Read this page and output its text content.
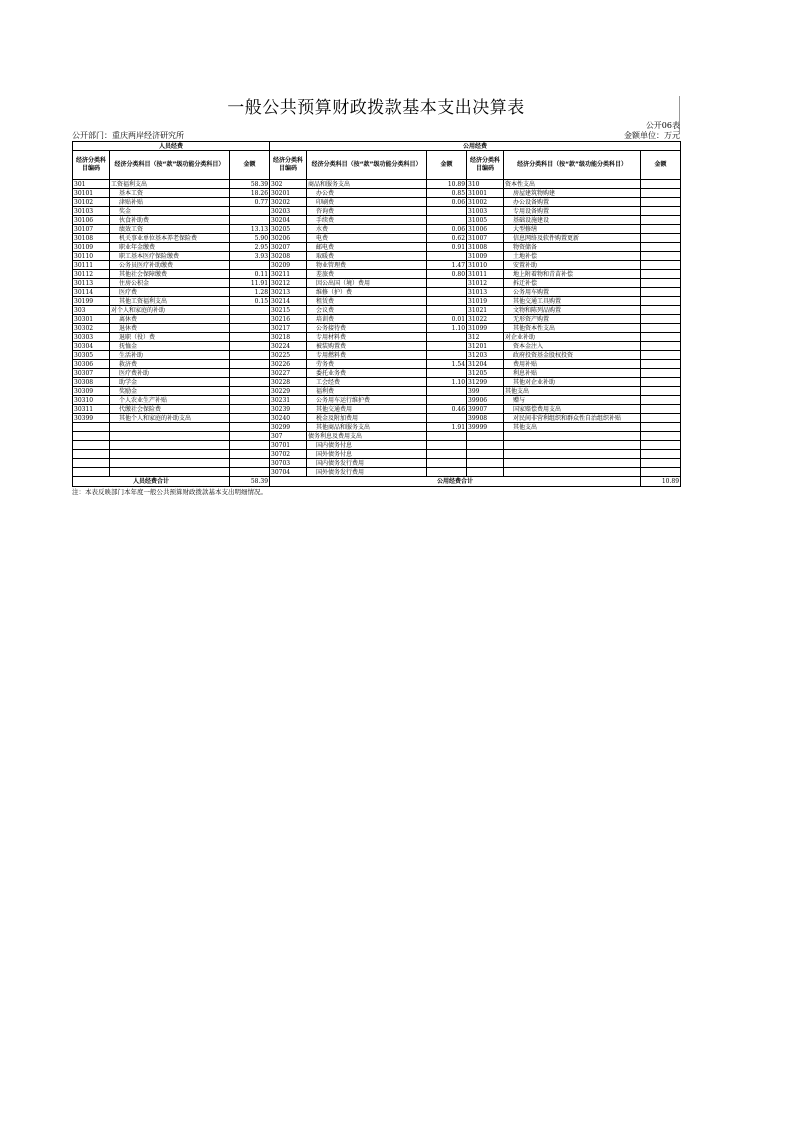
一般公共预算财政拨款基本支出决算表
公开06表
公开部门：重庆两岸经济研究所	金额单位：万元
人员经费			公用经费					
经济分类科目编码	经济分类科目（按“款”级功能分类科目）	金额	经济分类科目编码	经济分类科目（按“款”级功能分类科目）	金额	经济分类科目编码	经济分类科目（按“款”级功能分类科目）	金额
301	工资福利支出	58.39	302	商品和服务支出	10.89	310	资本性支出	
30101	基本工资	18.26	30201	办公费	0.85	31001	房屋建筑物购建	
30102	津贴补贴	0.77	30202	印刷费	0.06	31002	办公设备购置	
30103	奖金		30203	咨询费		31003	专用设备购置	
30106	伙食补助费		30204	手续费		31005	基础设施建设	
30107	绩效工资	13.13	30205	水费	0.06	31006	大型修缮	
30108	机关事业单位基本养老保险费	5.90	30206	电费	0.62	31007	信息网络及软件购置更新	
30109	职业年金缴费	2.95	30207	邮电费	0.91	31008	物资储备	
30110	职工基本医疗保险缴费	3.93	30208	取暖费		31009	土地补偿	
30111	公务员医疗补助缴费		30209	物业管理费	1.47	31010	安置补助	
30112	其他社会保障缴费	0.11	30211	差旅费	0.80	31011	地上附着物和青苗补偿	
30113	住房公积金	11.91	30212	因公出国（境）费用		31012	拆迁补偿	
30114	医疗费	1.28	30213	维修（护）费		31013	公务用车购置	
30199	其他工资福利支出	0.15	30214	租赁费		31019	其他交通工具购置	
303	对个人和家庭的补助		30215	会议费		31021	文物和陈列品购置	
30301	离休费		30216	培训费	0.01	31022	无形资产购置	
30302	退休费		30217	公务接待费	1.10	31099	其他资本性支出	
30303	退职（役）费		30218	专用材料费		312	对企业补助	
30304	抚恤金		30224	被装购置费		31201	资本金注入	
30305	生活补助		30225	专用燃料费		31203	政府投资基金股权投资	
30306	救济费		30226	劳务费	1.54	31204	费用补贴	
30307	医疗费补助		30227	委托业务费		31205	利息补贴	
30308	助学金		30228	工会经费	1.10	31299	其他对企业补助	
30309	奖励金		30229	福利费		399	其他支出	
30310	个人农业生产补贴		30231	公务用车运行维护费		39906	赠与	
30311	代缴社会保险费		30239	其他交通费用	0.46	39907	国家赔偿费用支出	
30399	其他个人和家庭的补助支出		30240	税金及附加费用		39908	对民间非营利组织和群众性自治组织补贴	
			30299	其他商品和服务支出	1.91	39999	其他支出	
			307	债务利息及费用支出				
			30701	国内债务付息				
			30702	国外债务付息				
			30703	国内债务发行费用				
			30704	国外债务发行费用				
人员经费合计		58.39	公用经费合计					10.89
注：本表反映部门本年度一般公共预算财政拨款基本支出明细情况。
